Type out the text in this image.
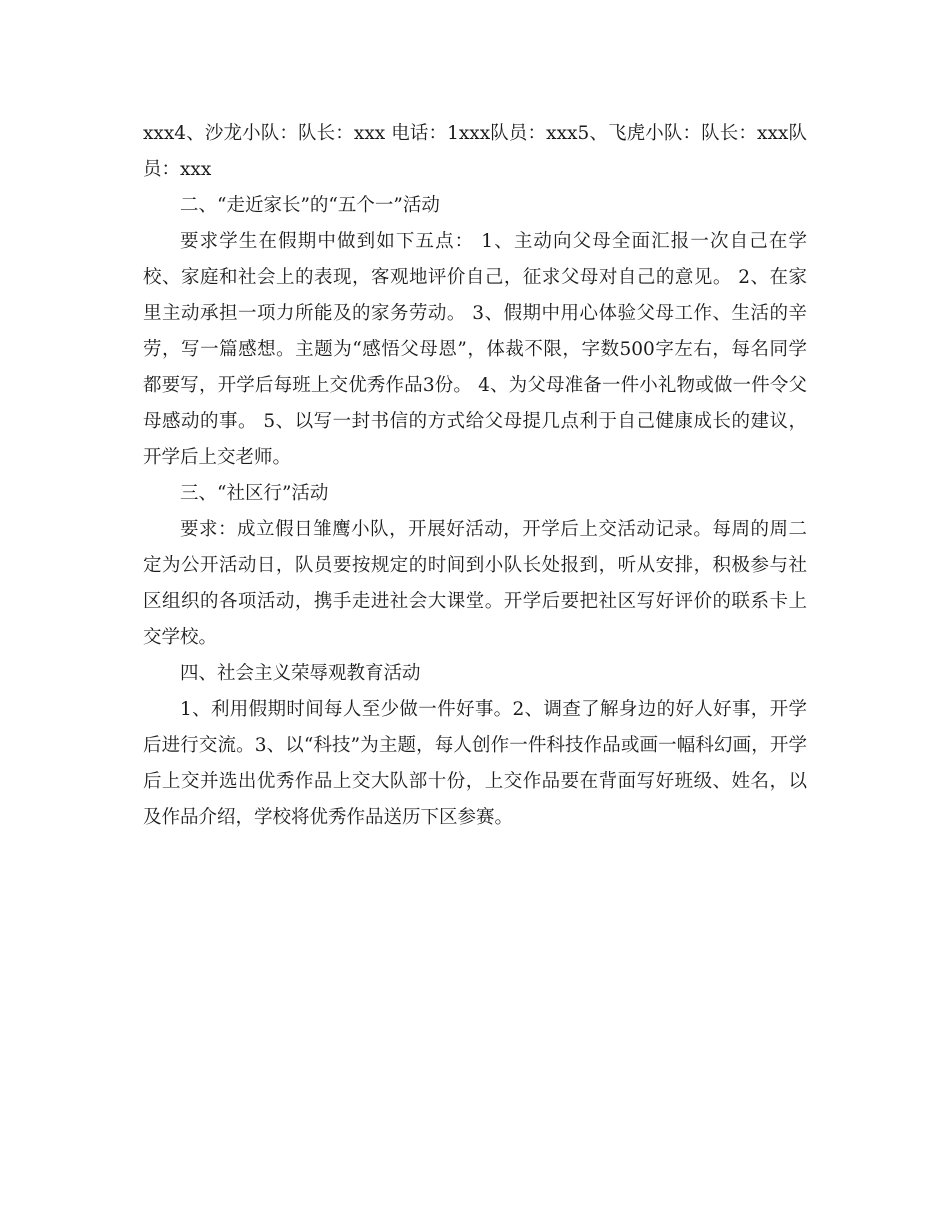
xxx4、沙龙小队：队长：xxx 电话：1xxx队员：xxx5、飞虎小队：队长：xxx队员：xxx

二、“走近家长”的“五个一”活动

要求学生在假期中做到如下五点： 1、主动向父母全面汇报一次自己在学校、家庭和社会上的表现，客观地评价自己，征求父母对自己的意见。 2、在家里主动承担一项力所能及的家务劳动。 3、假期中用心体验父母工作、生活的辛劳，写一篇感想。主题为“感悟父母恩”，体裁不限，字数500字左右，每名同学都要写，开学后每班上交优秀作品3份。 4、为父母准备一件小礼物或做一件令父母感动的事。 5、以写一封书信的方式给父母提几点利于自己健康成长的建议，开学后上交老师。

三、“社区行”活动

要求：成立假日雏鹰小队，开展好活动，开学后上交活动记录。每周的周二定为公开活动日，队员要按规定的时间到小队长处报到，听从安排，积极参与社区组织的各项活动，携手走进社会大课堂。开学后要把社区写好评价的联系卡上交学校。

四、社会主义荣辱观教育活动

1、利用假期时间每人至少做一件好事。2、调查了解身边的好人好事，开学后进行交流。3、以“科技”为主题，每人创作一件科技作品或画一幅科幻画，开学后上交并选出优秀作品上交大队部十份，上交作品要在背面写好班级、姓名，以及作品介绍，学校将优秀作品送历下区参赛。
